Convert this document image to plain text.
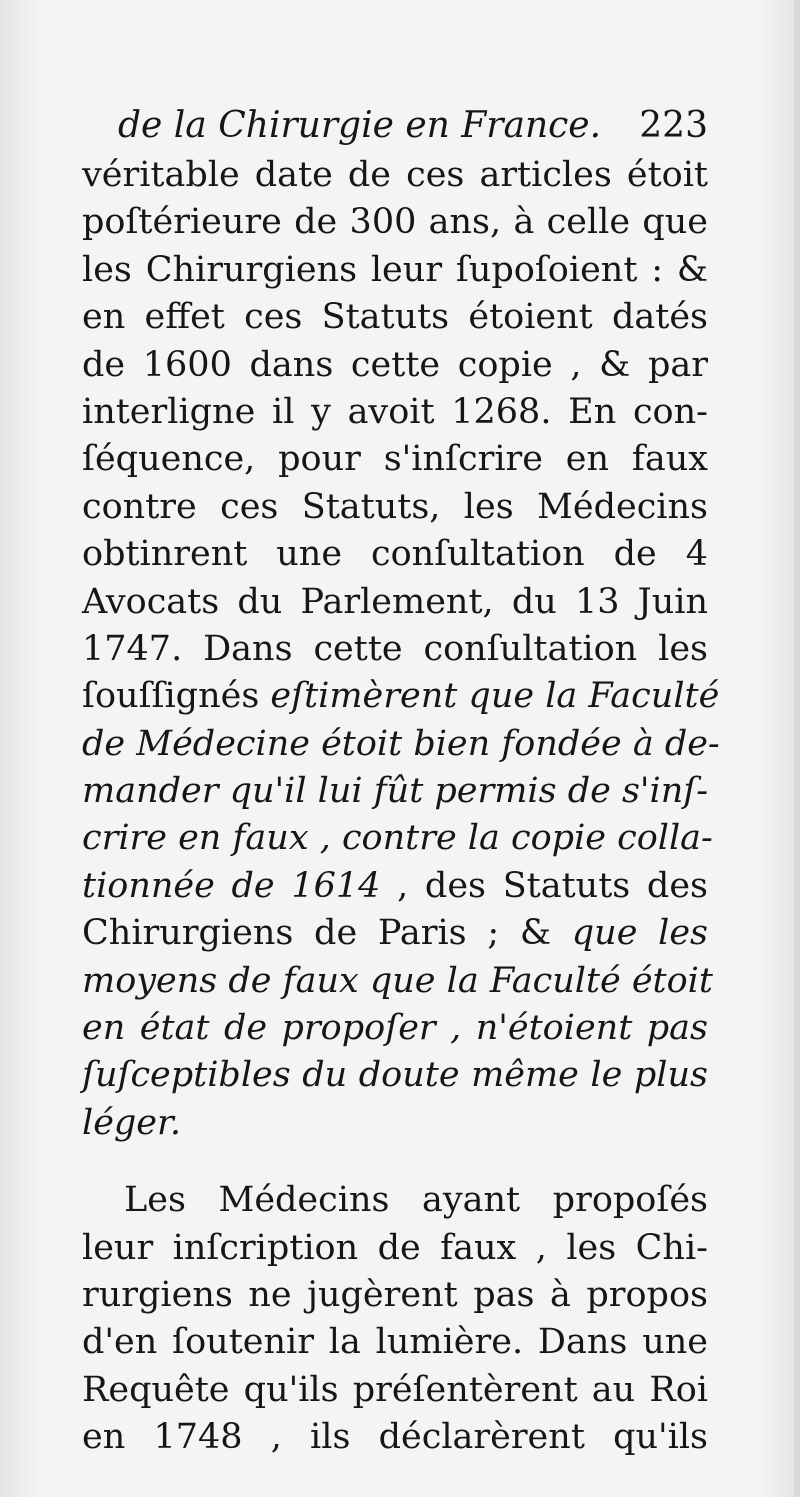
de la Chirurgie en France. 223
véritable date de ces articles étoit
poſtérieure de 300 ans, à celle que
les Chirurgiens leur ſupoſoient : &
en effet ces Statuts étoient datés
de 1600 dans cette copie , & par
interligne il y avoit 1268. En con-
ſéquence, pour s'inſcrire en faux
contre ces Statuts, les Médecins
obtinrent une conſultation de 4
Avocats du Parlement, du 13 Juin
1747. Dans cette conſultation les
ſouſſignés eſtimèrent que la Faculté
de Médecine étoit bien fondée à de-
mander qu'il lui fût permis de s'inſ-
crire en faux , contre la copie colla-
tionnée de 1614 , des Statuts des
Chirurgiens de Paris ; & que les
moyens de faux que la Faculté étoit
en état de propoſer , n'étoient pas
ſuſceptibles du doute même le plus
léger.
Les Médecins ayant propoſés
leur inſcription de faux , les Chi-
rurgiens ne jugèrent pas à propos
d'en ſoutenir la lumière. Dans une
Requête qu'ils préſentèrent au Roi
en 1748 , ils déclarèrent qu'ils
